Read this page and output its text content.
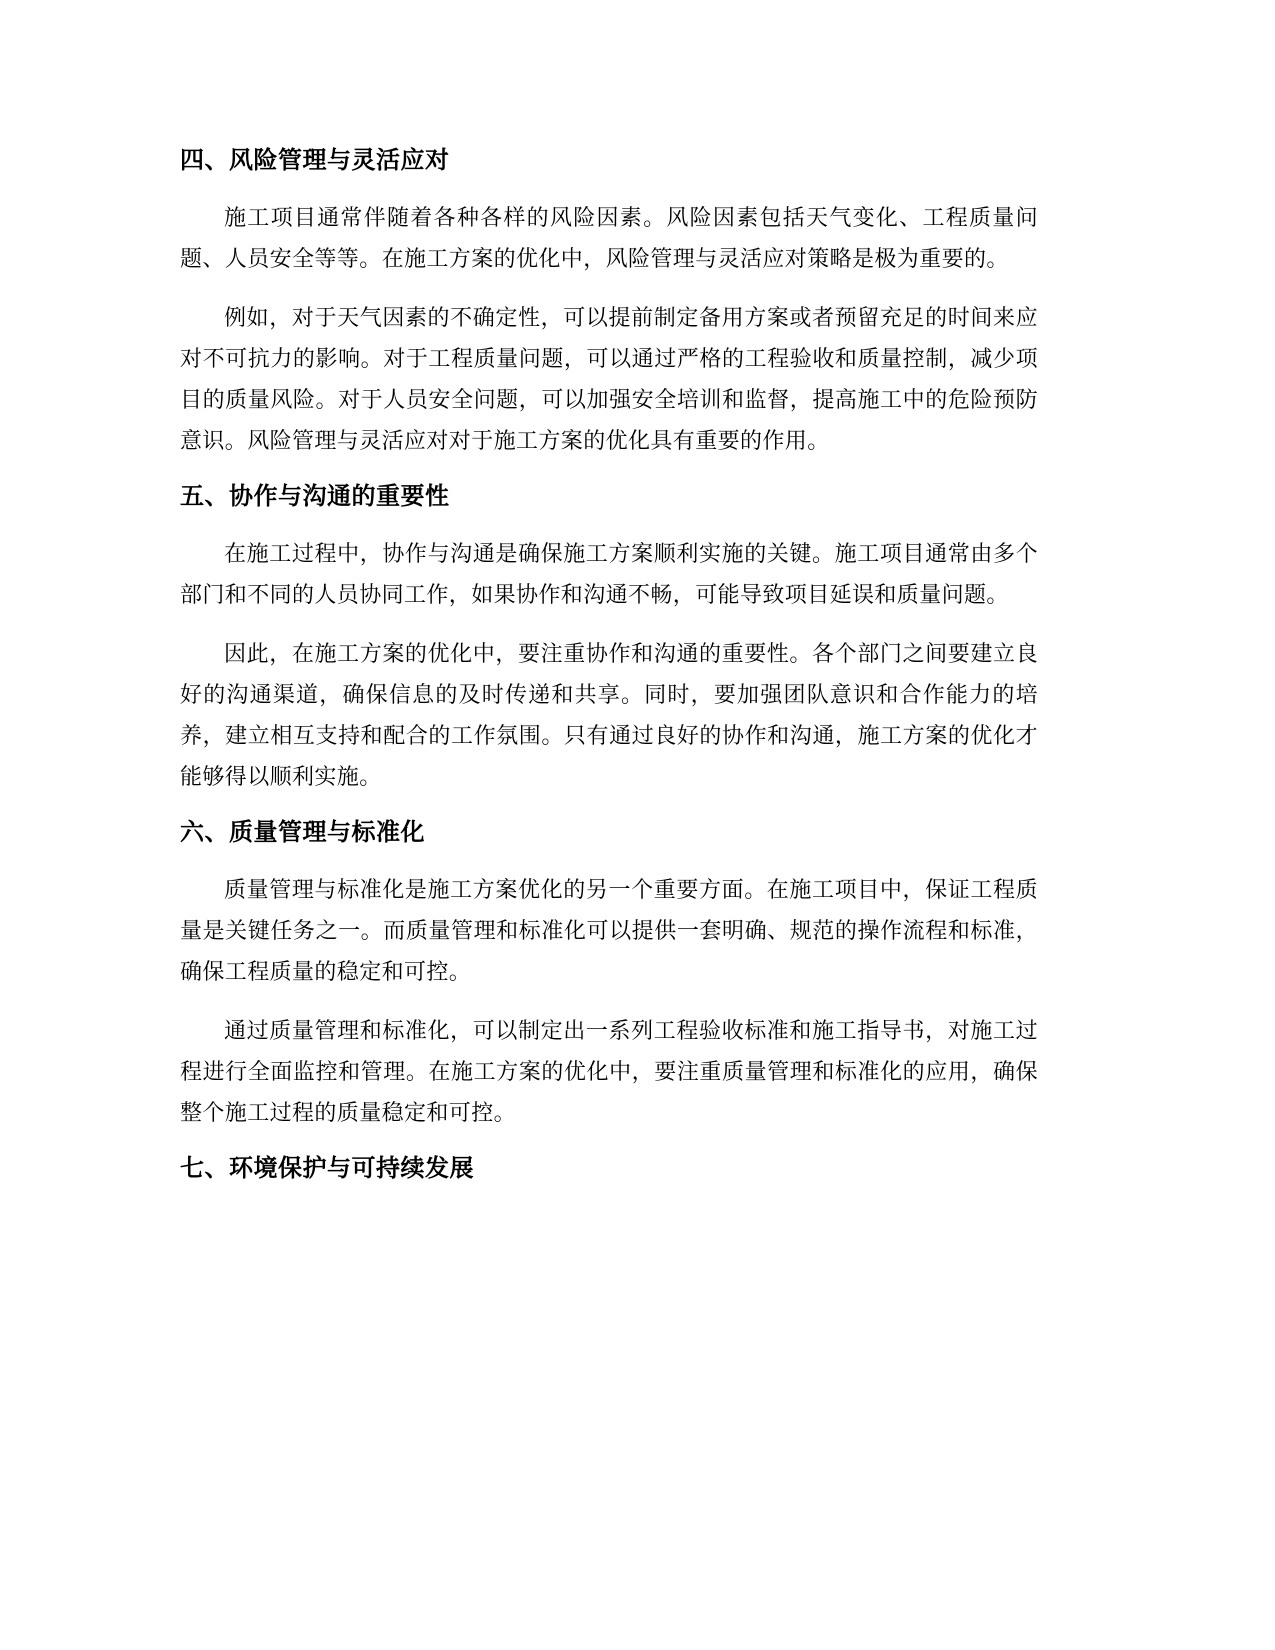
四、风险管理与灵活应对

施工项目通常伴随着各种各样的风险因素。风险因素包括天气变化、工程质量问题、人员安全等等。在施工方案的优化中，风险管理与灵活应对策略是极为重要的。

例如，对于天气因素的不确定性，可以提前制定备用方案或者预留充足的时间来应对不可抗力的影响。对于工程质量问题，可以通过严格的工程验收和质量控制，减少项目的质量风险。对于人员安全问题，可以加强安全培训和监督，提高施工中的危险预防意识。风险管理与灵活应对对于施工方案的优化具有重要的作用。

五、协作与沟通的重要性

在施工过程中，协作与沟通是确保施工方案顺利实施的关键。施工项目通常由多个部门和不同的人员协同工作，如果协作和沟通不畅，可能导致项目延误和质量问题。

因此，在施工方案的优化中，要注重协作和沟通的重要性。各个部门之间要建立良好的沟通渠道，确保信息的及时传递和共享。同时，要加强团队意识和合作能力的培养，建立相互支持和配合的工作氛围。只有通过良好的协作和沟通，施工方案的优化才能够得以顺利实施。

六、质量管理与标准化

质量管理与标准化是施工方案优化的另一个重要方面。在施工项目中，保证工程质量是关键任务之一。而质量管理和标准化可以提供一套明确、规范的操作流程和标准，确保工程质量的稳定和可控。

通过质量管理和标准化，可以制定出一系列工程验收标准和施工指导书，对施工过程进行全面监控和管理。在施工方案的优化中，要注重质量管理和标准化的应用，确保整个施工过程的质量稳定和可控。

七、环境保护与可持续发展
